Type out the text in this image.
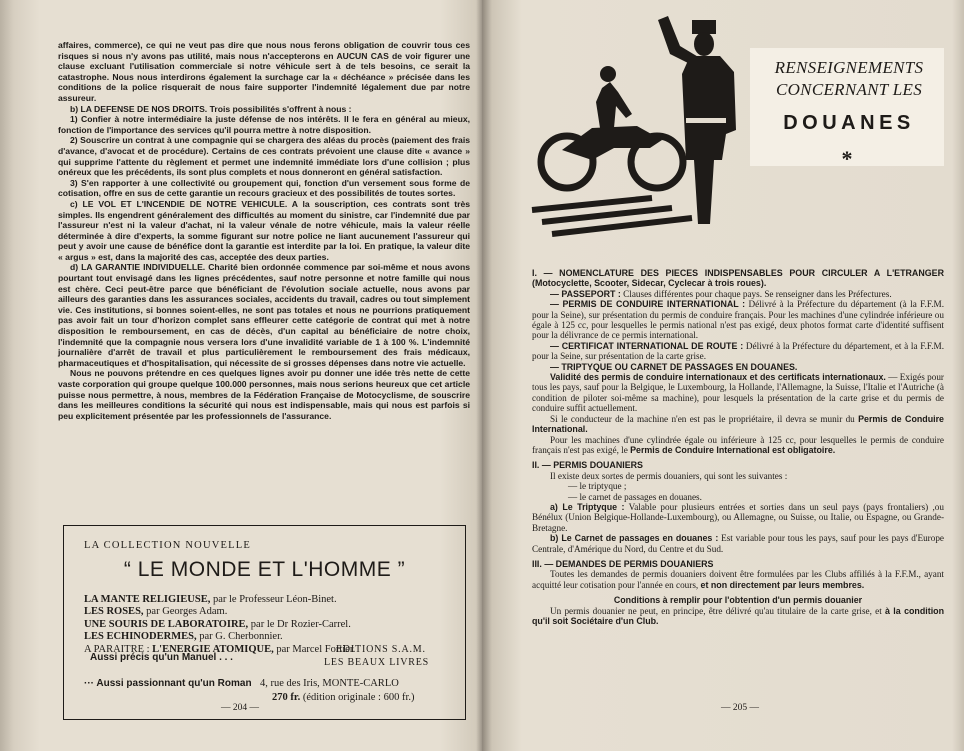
affaires, commerce), ce qui ne veut pas dire que nous nous ferons obligation de couvrir tous ces risques si nous n'y avons pas utilité, mais nous n'accepterons en AUCUN CAS de voir figurer une clause excluant l'utilisation commerciale si notre véhicule sert à de tels besoins, ce serait la catastrophe. Nous nous interdirons également la surchage car la « déchéance » précisée dans les conditions de la police risquerait de nous faire supporter l'indemnité légalement due par notre assureur.

b) LA DEFENSE DE NOS DROITS. Trois possibilités s'offrent à nous :

1) Confier à notre intermédiaire la juste défense de nos intérêts. Il le fera en général au mieux, fonction de l'importance des services qu'il pourra mettre à notre disposition.

2) Souscrire un contrat à une compagnie qui se chargera des aléas du procès (paiement des frais d'avance, d'avocat et de procédure). Certains de ces contrats prévoient une clause dite « avance » qui supprime l'attente du règlement et permet une indemnité immédiate lors d'une collision ; plus onéreux que les précédents, ils sont plus complets et nous donneront en général satisfaction.

3) S'en rapporter à une collectivité ou groupement qui, fonction d'un versement sous forme de cotisation, offre en sus de cette garantie un recours gracieux et des possibilités de toutes sortes.

c) LE VOL ET L'INCENDIE DE NOTRE VEHICULE. A la souscription, ces contrats sont très simples. Ils engendrent généralement des difficultés au moment du sinistre, car l'indemnité due par l'assureur n'est ni la valeur d'achat, ni la valeur vénale de notre véhicule, mais la valeur réelle déterminée à dire d'experts, la somme figurant sur notre police ne liant aucunement l'assureur qui peut y avoir une cause de bénéfice dont la garantie est interdite par la loi. En pratique, la valeur dite « argus » est, dans la majorité des cas, acceptée des deux parties.

d) LA GARANTIE INDIVIDUELLE. Charité bien ordonnée commence par soi-même et nous avons pourtant tout envisagé dans les lignes précédentes, sauf notre personne et notre famille qui nous est chère. Ceci peut-être parce que bénéficiant de l'évolution sociale actuelle, nous avons par ailleurs des garanties dans les assurances sociales, accidents du travail, cadres ou tout simplement vie. Ces institutions, si bonnes soient-elles, ne sont pas totales et nous ne pourrions pratiquement pas avoir fait un tour d'horizon complet sans effleurer cette catégorie de contrat qui met à notre disposition le remboursement, en cas de décès, d'un capital au bénéficiaire de notre choix, l'indemnité que la compagnie nous versera lors d'une invalidité variable de 1 à 100 %. L'indemnité journalière d'arrêt de travail et plus particulièrement le remboursement des frais médicaux, pharmaceutiques et d'hospitalisation, qui nécessite de si grosses dépenses dans notre vie actuelle.

Nous ne pouvons prétendre en ces quelques lignes avoir pu donner une idée très nette de cette vaste corporation qui groupe quelque 100.000 personnes, mais nous serions heureux que cet article puisse nous permettre, à nous, membres de la Fédération Française de Motocyclisme, de souscrire dans les meilleures conditions la sécurité qui nous est indispensable, mais qui nous est parfois si peu explicitement présentée par les professionnels de l'assurance.

LA COLLECTION NOUVELLE
“ LE MONDE ET L'HOMME ”
LA MANTE RELIGIEUSE, par le Professeur Léon-Binet.
LES ROSES, par Georges Adam.
UNE SOURIS DE LABORATOIRE, par le Dr Rozier-Carrel.
LES ECHINODERMES, par G. Cherbonnier.
A PARAITRE : L'ENERGIE ATOMIQUE, par Marcel Fortier.
Aussi précis qu'un Manuel . . .
··· Aussi passionnant qu'un Roman
EDITIONS S.A.M.
LES BEAUX LIVRES
4, rue des Iris, MONTE-CARLO
270 fr. (édition originale : 600 fr.)
— 204 —
RENSEIGNEMENTS
CONCERNANT LES
DOUANES
*

I. — NOMENCLATURE DES PIECES INDISPENSABLES POUR CIRCULER A L'ETRANGER (Motocyclette, Scooter, Sidecar, Cyclecar à trois roues).

— PASSEPORT : Clauses différentes pour chaque pays. Se renseigner dans les Préfectures.

— PERMIS DE CONDUIRE INTERNATIONAL : Délivré à la Préfecture du département (à la F.F.M. pour la Seine), sur présentation du permis de conduire français. Pour les machines d'une cylindrée inférieure ou égale à 125 cc, pour lesquelles le permis national n'est pas exigé, deux photos format carte d'identité suffisent pour la délivrance de ce permis international.

— CERTIFICAT INTERNATIONAL DE ROUTE : Délivré à la Préfecture du département, et à la F.F.M. pour la Seine, sur présentation de la carte grise.

— TRIPTYQUE OU CARNET DE PASSAGES EN DOUANES.

Validité des permis de conduire internationaux et des certificats internationaux. — Exigés pour tous les pays, sauf pour la Belgique, le Luxembourg, la Hollande, l'Allemagne, la Suisse, l'Italie et l'Autriche (à condition de piloter soi-même sa machine), pour lesquels la présentation de la carte grise et du permis de conduire suffit actuellement.

Si le conducteur de la machine n'en est pas le propriétaire, il devra se munir du Permis de Conduire International.

Pour les machines d'une cylindrée égale ou inférieure à 125 cc, pour lesquelles le permis de conduire français n'est pas exigé, le Permis de Conduire International est obligatoire.

II. — PERMIS DOUANIERS

Il existe deux sortes de permis douaniers, qui sont les suivantes :

— le triptyque ;

— le carnet de passages en douanes.

a) Le Triptyque : Valable pour plusieurs entrées et sorties dans un seul pays (pays frontaliers) ,ou Bénélux (Union Belgique-Hollande-Luxembourg), ou Allemagne, ou Suisse, ou Italie, ou Espagne, ou Grande-Bretagne.

b) Le Carnet de passages en douanes : Est variable pour tous les pays, sauf pour les pays d'Europe Centrale, d'Amérique du Nord, du Centre et du Sud.

III. — DEMANDES DE PERMIS DOUANIERS

Toutes les demandes de permis douaniers doivent être formulées par les Clubs affiliés à la F.F.M., ayant acquitté leur cotisation pour l'année en cours, et non directement par leurs membres.

Conditions à remplir pour l'obtention d'un permis douanier

Un permis douanier ne peut, en principe, être délivré qu'au titulaire de la carte grise, et à la condition qu'il soit Sociétaire d'un Club.

— 205 —
